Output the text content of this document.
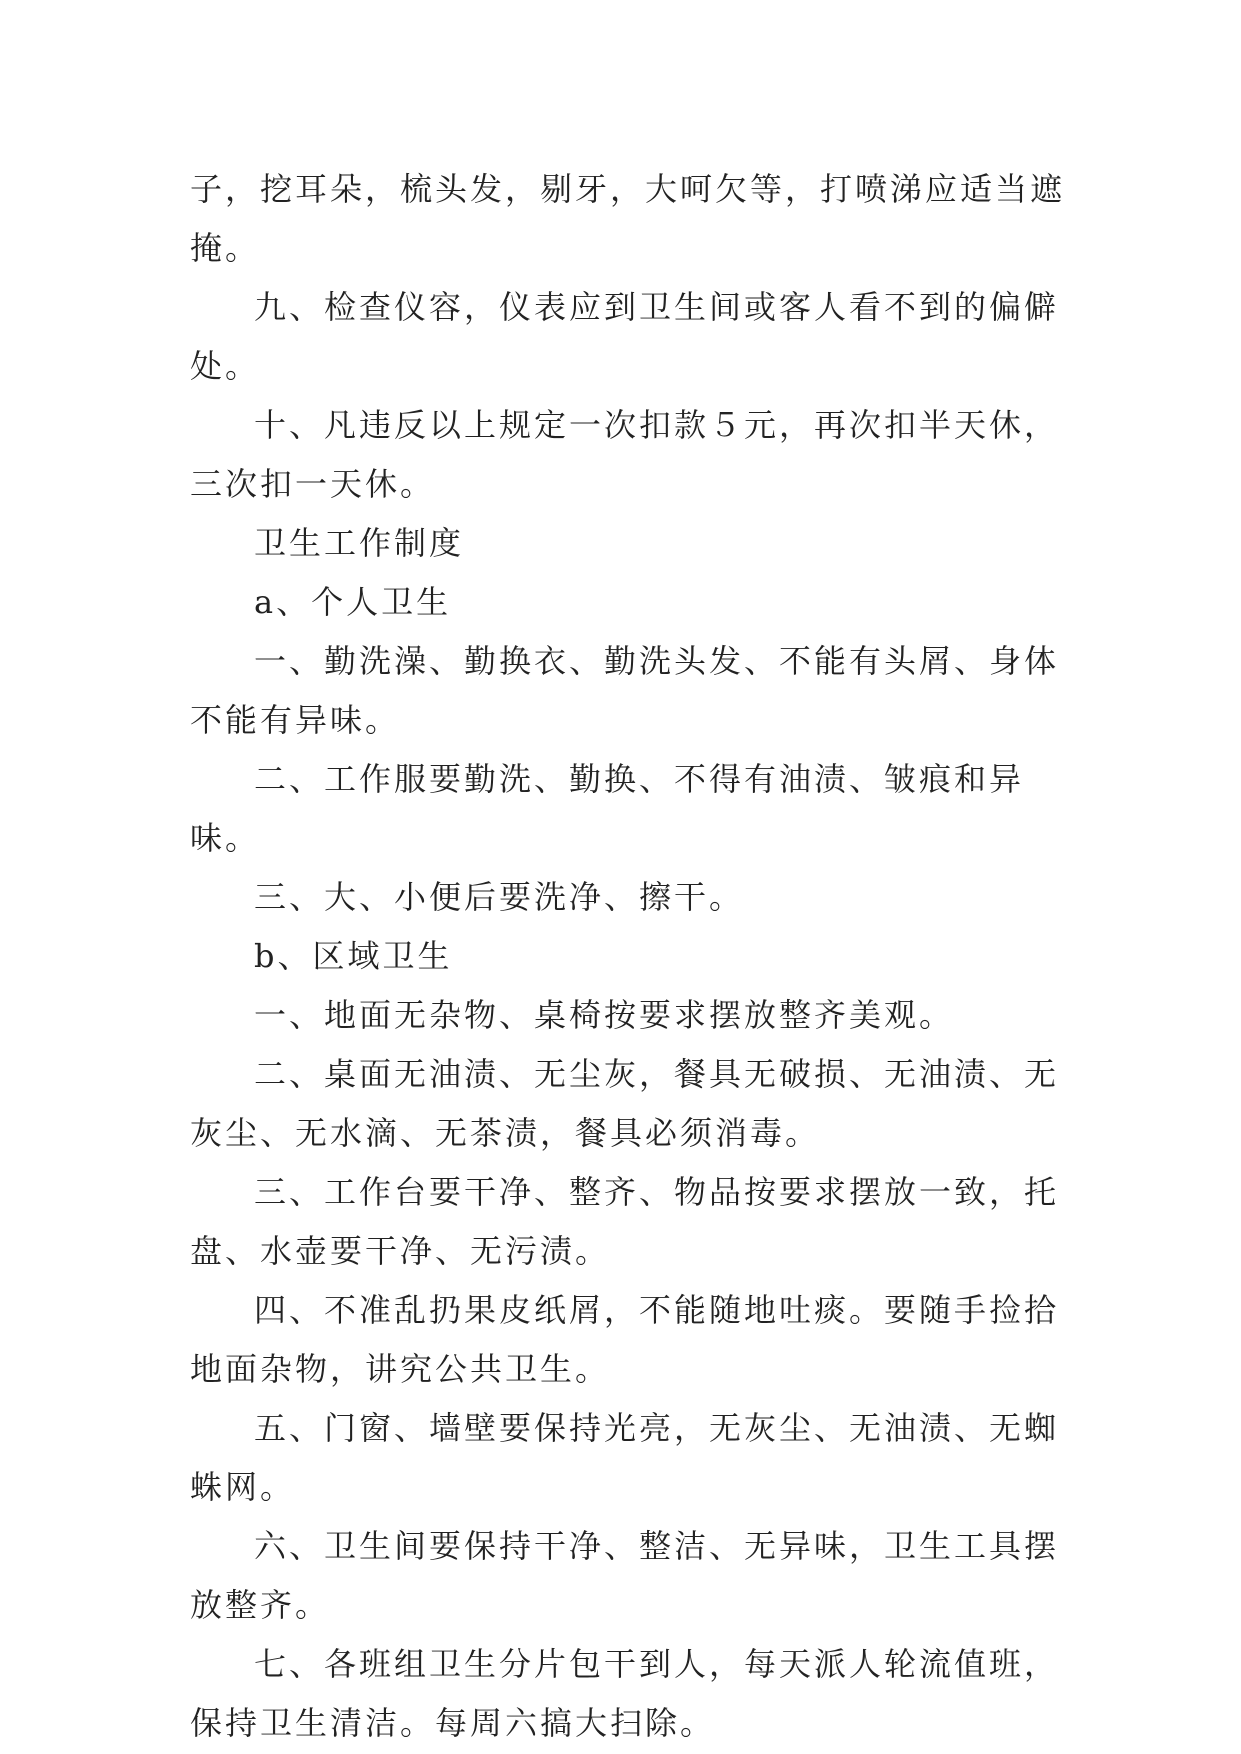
子，挖耳朵，梳头发，剔牙，大呵欠等，打喷涕应适当遮掩。

九、检查仪容，仪表应到卫生间或客人看不到的偏僻处。

十、凡违反以上规定一次扣款５元，再次扣半天休，三次扣一天休。

卫生工作制度

a、个人卫生

一、勤洗澡、勤换衣、勤洗头发、不能有头屑、身体不能有异味。

二、工作服要勤洗、勤换、不得有油渍、皱痕和异味。

三、大、小便后要洗净、擦干。

b、区域卫生

一、地面无杂物、桌椅按要求摆放整齐美观。

二、桌面无油渍、无尘灰，餐具无破损、无油渍、无灰尘、无水滴、无茶渍，餐具必须消毒。

三、工作台要干净、整齐、物品按要求摆放一致，托盘、水壶要干净、无污渍。

四、不准乱扔果皮纸屑，不能随地吐痰。要随手捡拾地面杂物，讲究公共卫生。

五、门窗、墙壁要保持光亮，无灰尘、无油渍、无蜘蛛网。

六、卫生间要保持干净、整洁、无异味，卫生工具摆放整齐。

七、各班组卫生分片包干到人，每天派人轮流值班，保持卫生清洁。每周六搞大扫除。
